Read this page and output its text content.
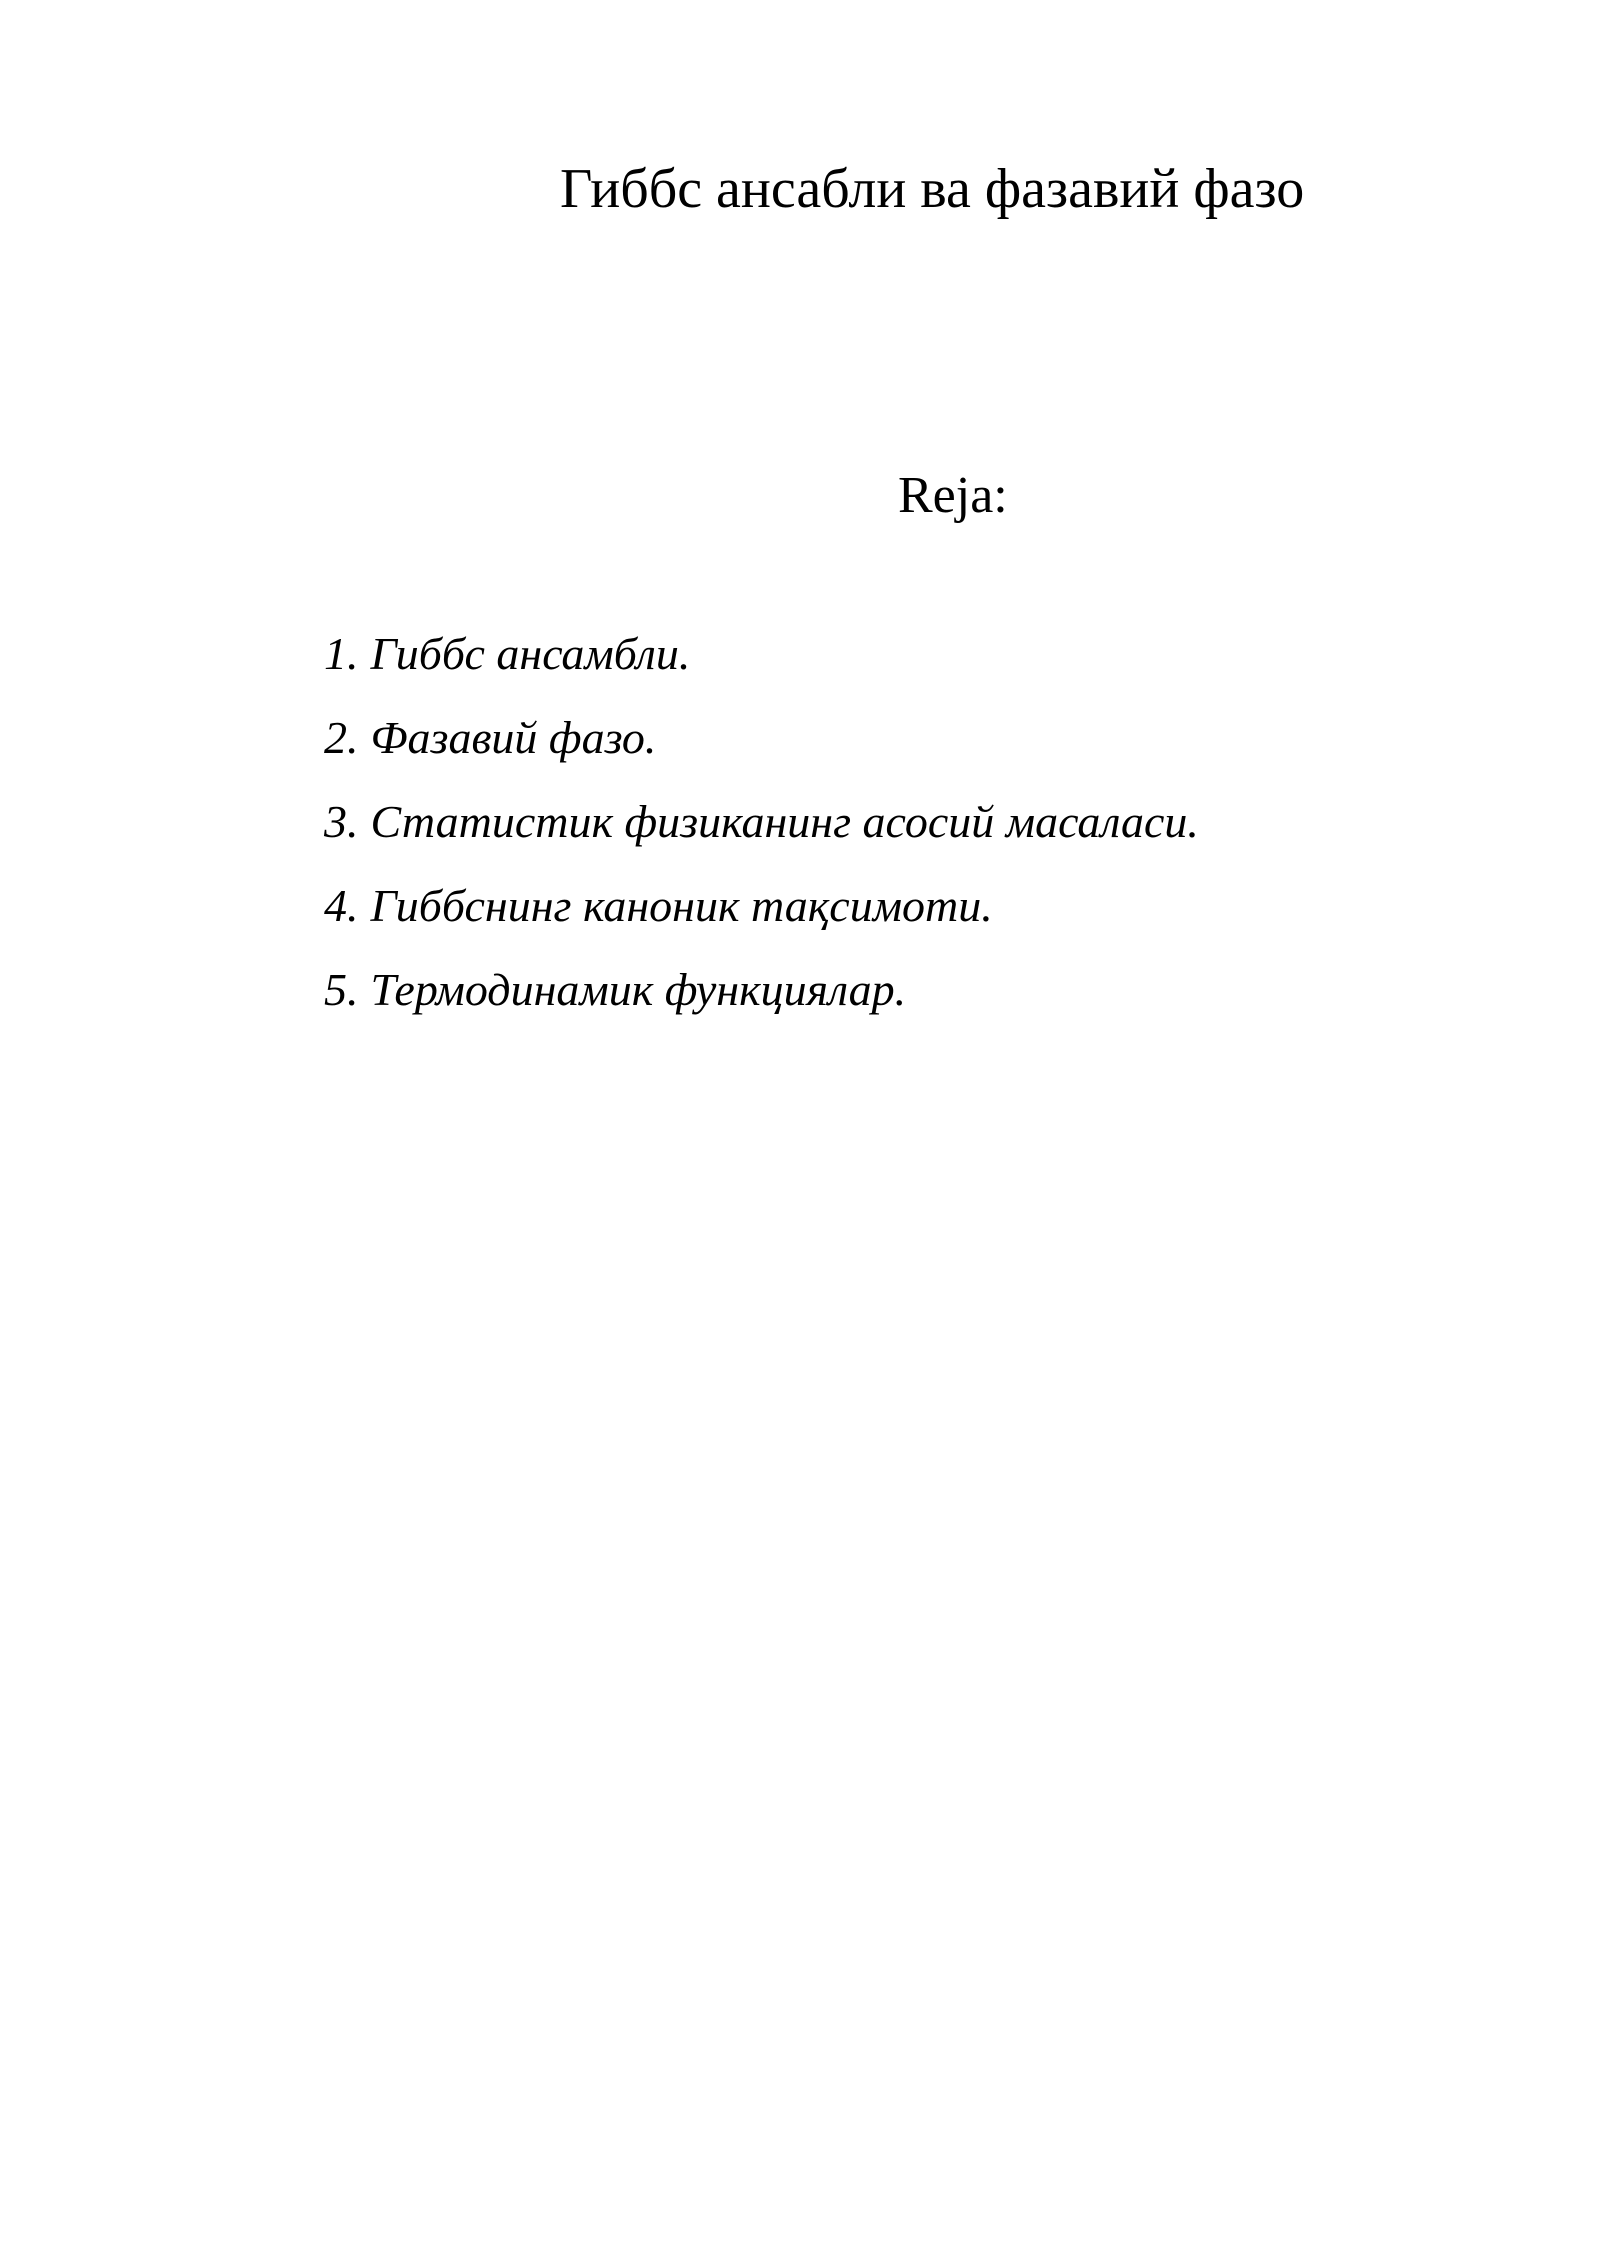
Гиббс ансабли ва фазавий фазо
Reja:
1. Гиббс ансамбли.
2. Фазавий фазо.
3. Статистик физиканинг асосий масаласи.
4. Гиббснинг каноник тақсимоти.
5. Термодинамик функциялар.
